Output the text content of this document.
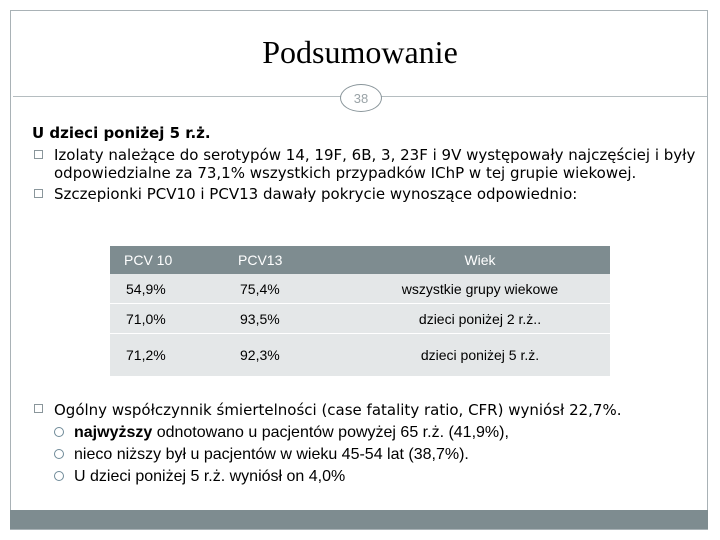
Podsumowanie
38
U dzieci poniżej 5 r.ż.
Izolaty należące do serotypów 14, 19F, 6B, 3, 23F i 9V występowały najczęściej i były odpowiedzialne za 73,1% wszystkich przypadków IChP w tej grupie wiekowej.
Szczepionki PCV10 i PCV13 dawały pokrycie wynoszące odpowiednio:
PCV 10	PCV13	Wiek
54,9%	75,4%	wszystkie grupy wiekowe
71,0%	93,5%	dzieci poniżej 2 r.ż..
71,2%	92,3%	dzieci poniżej 5 r.ż.
Ogólny współczynnik śmiertelności (case fatality ratio, CFR) wyniósł 22,7%.
najwyższy odnotowano u pacjentów powyżej 65 r.ż. (41,9%),
nieco niższy był u pacjentów w wieku 45-54 lat (38,7%).
U dzieci poniżej 5 r.ż. wyniósł on 4,0%
